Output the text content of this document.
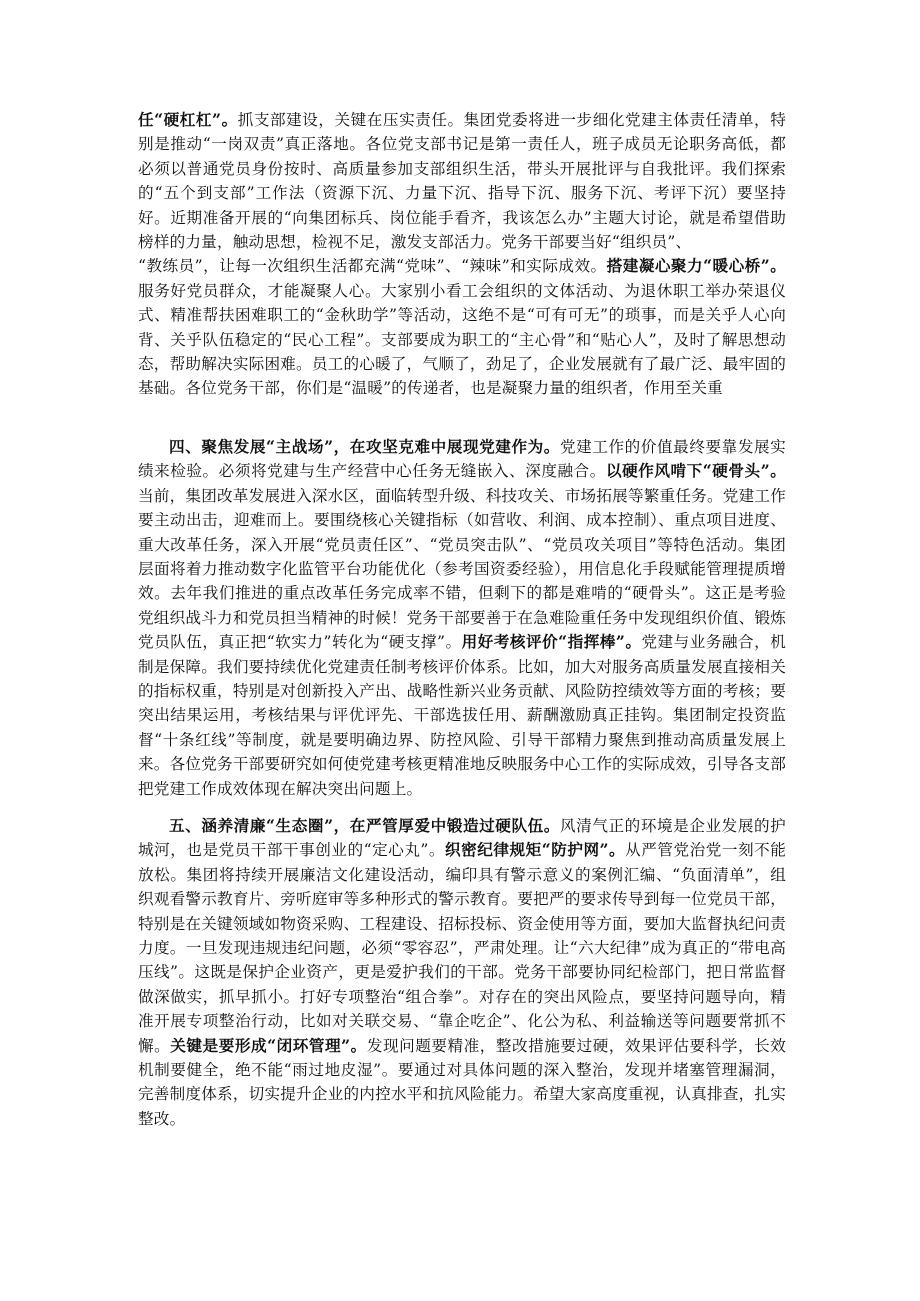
任“硬杠杠”。抓支部建设，关键在压实责任。集团党委将进一步细化党建主体责任清单，特别是推动“一岗双责”真正落地。各位党支部书记是第一责任人，班子成员无论职务高低，都必须以普通党员身份按时、高质量参加支部组织生活，带头开展批评与自我批评。我们探索的“五个到支部”工作法（资源下沉、力量下沉、指导下沉、服务下沉、考评下沉）要坚持好。近期准备开展的“向集团标兵、岗位能手看齐，我该怎么办”主题大讨论，就是希望借助榜样的力量，触动思想，检视不足，激发支部活力。党务干部要当好“组织员”、

“教练员”，让每一次组织生活都充满“党味”、“辣味”和实际成效。搭建凝心聚力“暖心桥”。服务好党员群众，才能凝聚人心。大家别小看工会组织的文体活动、为退休职工举办荣退仪式、精准帮扶困难职工的“金秋助学”等活动，这绝不是“可有可无”的琐事，而是关乎人心向背、关乎队伍稳定的“民心工程”。支部要成为职工的“主心骨”和“贴心人”，及时了解思想动态，帮助解决实际困难。员工的心暖了，气顺了，劲足了，企业发展就有了最广泛、最牢固的基础。各位党务干部，你们是“温暖”的传递者，也是凝聚力量的组织者，作用至关重

四、聚焦发展“主战场”，在攻坚克难中展现党建作为。党建工作的价值最终要靠发展实绩来检验。必须将党建与生产经营中心任务无缝嵌入、深度融合。以硬作风啃下“硬骨头”。当前，集团改革发展进入深水区，面临转型升级、科技攻关、市场拓展等繁重任务。党建工作要主动出击，迎难而上。要围绕核心关键指标（如营收、利润、成本控制）、重点项目进度、重大改革任务，深入开展“党员责任区”、“党员突击队”、“党员攻关项目”等特色活动。集团层面将着力推动数字化监管平台功能优化（参考国资委经验），用信息化手段赋能管理提质增效。去年我们推进的重点改革任务完成率不错，但剩下的都是难啃的“硬骨头”。这正是考验党组织战斗力和党员担当精神的时候！党务干部要善于在急难险重任务中发现组织价值、锻炼党员队伍，真正把“软实力”转化为“硬支撑”。用好考核评价“指挥棒”。党建与业务融合，机制是保障。我们要持续优化党建责任制考核评价体系。比如，加大对服务高质量发展直接相关的指标权重，特别是对创新投入产出、战略性新兴业务贡献、风险防控绩效等方面的考核；要突出结果运用，考核结果与评优评先、干部选拔任用、薪酬激励真正挂钩。集团制定投资监督“十条红线”等制度，就是要明确边界、防控风险、引导干部精力聚焦到推动高质量发展上来。各位党务干部要研究如何使党建考核更精准地反映服务中心工作的实际成效，引导各支部把党建工作成效体现在解决突出问题上。

五、涵养清廉“生态圈”，在严管厚爱中锻造过硬队伍。风清气正的环境是企业发展的护城河，也是党员干部干事创业的“定心丸”。织密纪律规矩“防护网”。从严管党治党一刻不能放松。集团将持续开展廉洁文化建设活动，编印具有警示意义的案例汇编、“负面清单”，组织观看警示教育片、旁听庭审等多种形式的警示教育。要把严的要求传导到每一位党员干部，特别是在关键领域如物资采购、工程建设、招标投标、资金使用等方面，要加大监督执纪问责力度。一旦发现违规违纪问题，必须“零容忍”，严肃处理。让“六大纪律”成为真正的“带电高压线”。这既是保护企业资产，更是爱护我们的干部。党务干部要协同纪检部门，把日常监督做深做实，抓早抓小。打好专项整治“组合拳”。对存在的突出风险点，要坚持问题导向，精准开展专项整治行动，比如对关联交易、“靠企吃企”、化公为私、利益输送等问题要常抓不懈。关键是要形成“闭环管理”。发现问题要精准，整改措施要过硬，效果评估要科学，长效机制要健全，绝不能“雨过地皮湿”。要通过对具体问题的深入整治，发现并堵塞管理漏洞，完善制度体系，切实提升企业的内控水平和抗风险能力。希望大家高度重视，认真排查，扎实整改。
